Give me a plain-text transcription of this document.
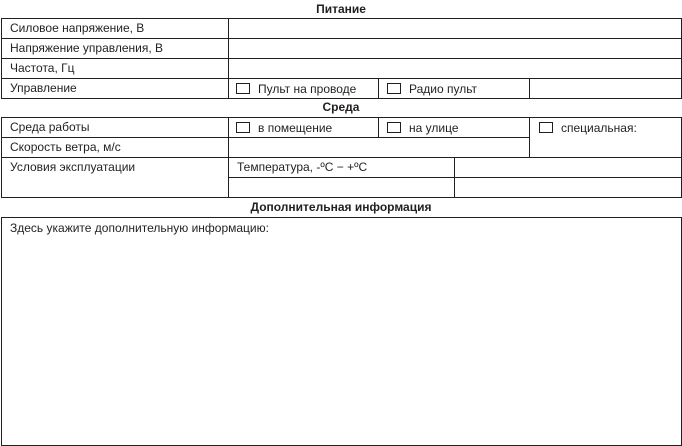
Питание
Силовое напряжение, В
Напряжение управления, В
Частота, Гц
Управление	Пульт на проводе	Радио пульт
Среда
Среда работы	в помещение	на улице	специальная:
Скорость ветра, м/с
Условия эксплуатации	Температура, -ºC − +ºC
Дополнительная информация
Здесь укажите дополнительную информацию:
